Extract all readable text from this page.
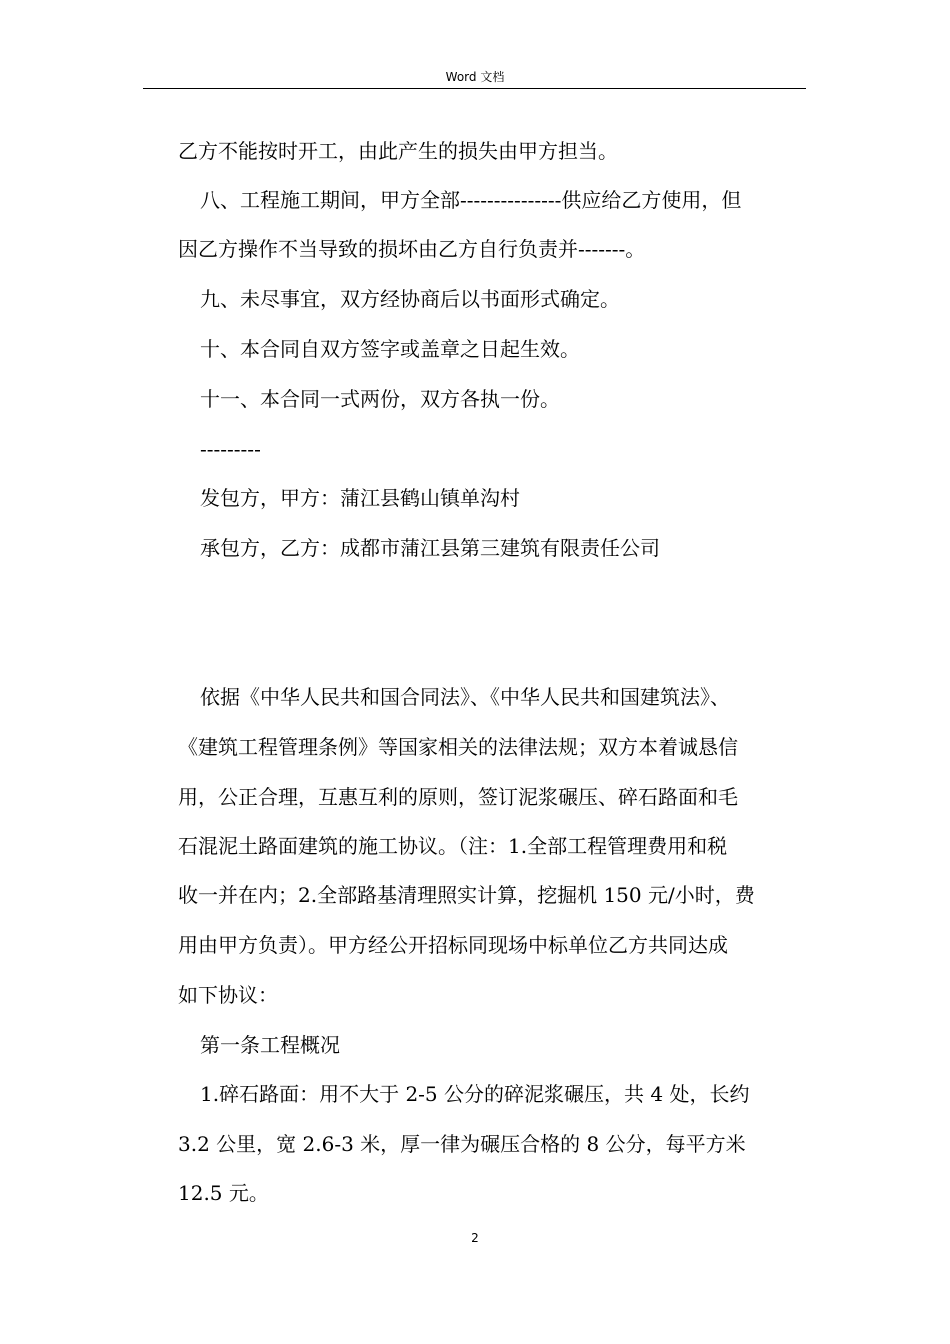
Word 文档

乙方不能按时开工，由此产生的损失由甲方担当。

八、工程施工期间，甲方全部---------------供应给乙方使用，但

因乙方操作不当导致的损坏由乙方自行负责并-------。

九、未尽事宜，双方经协商后以书面形式确定。

十、本合同自双方签字或盖章之日起生效。

十一、本合同一式两份，双方各执一份。

---------

发包方，甲方：蒲江县鹤山镇单沟村

承包方，乙方：成都市蒲江县第三建筑有限责任公司

依据《中华人民共和国合同法》、《中华人民共和国建筑法》、

《建筑工程管理条例》等国家相关的法律法规；双方本着诚恳信

用，公正合理，互惠互利的原则，签订泥浆碾压、碎石路面和毛

石混泥土路面建筑的施工协议。（注：1.全部工程管理费用和税

收一并在内；2.全部路基清理照实计算，挖掘机 150 元/小时，费

用由甲方负责）。甲方经公开招标同现场中标单位乙方共同达成

如下协议：

第一条工程概况

1.碎石路面：用不大于 2-5 公分的碎泥浆碾压，共 4 处，长约

3.2 公里，宽 2.6-3 米，厚一律为碾压合格的 8 公分，每平方米

12.5 元。

2
